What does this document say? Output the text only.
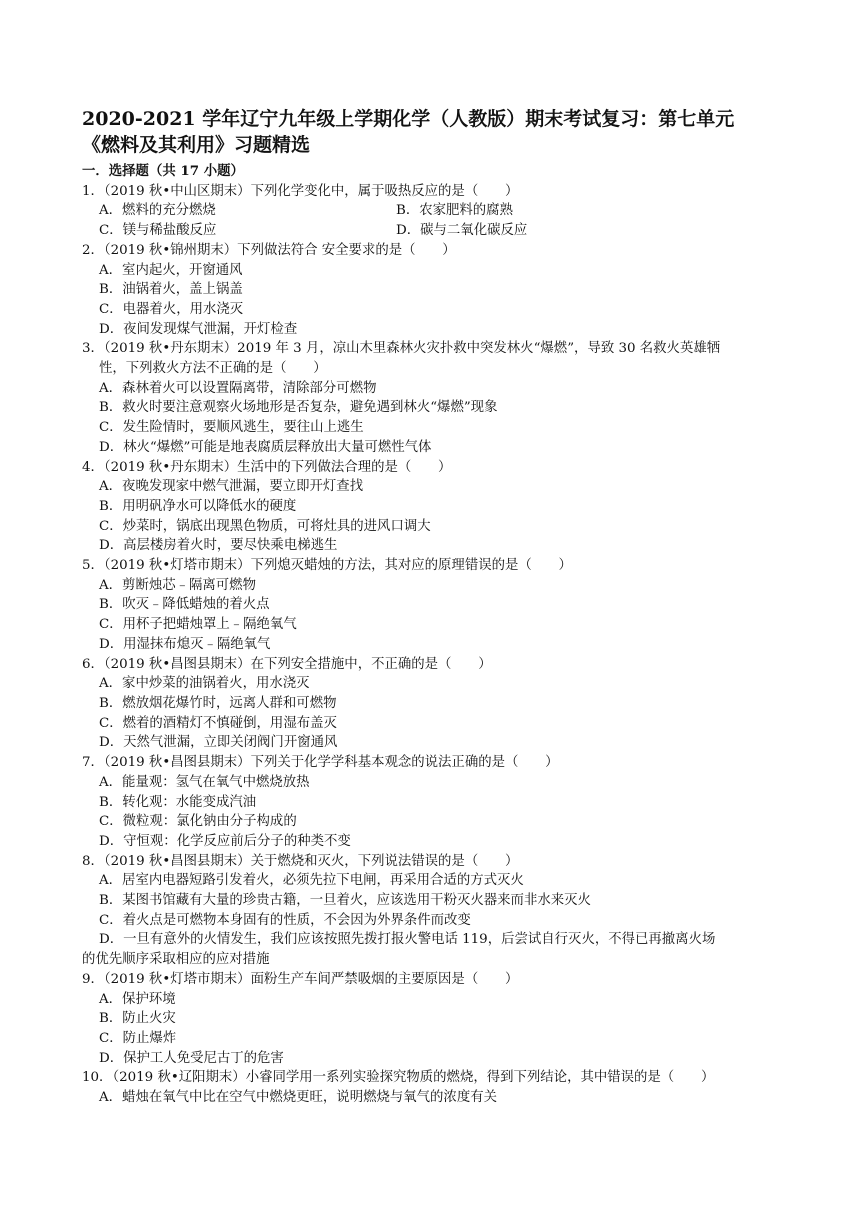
2020-2021 学年辽宁九年级上学期化学（人教版）期末考试复习：第七单元
《燃料及其利用》习题精选
一．选择题（共 17 小题）
1．（2019 秋•中山区期末）下列化学变化中，属于吸热反应的是（　　）
A．燃料的充分燃烧	B．农家肥料的腐熟
C．镁与稀盐酸反应	D．碳与二氧化碳反应
2．（2019 秋•锦州期末）下列做法符合 安全要求的是（　　）
A．室内起火，开窗通风
B．油锅着火，盖上锅盖
C．电器着火，用水浇灭
D．夜间发现煤气泄漏，开灯检查
3．（2019 秋•丹东期末）2019 年 3 月，凉山木里森林火灾扑救中突发林火“爆燃”，导致 30 名救火英雄牺
性，下列救火方法不正确的是（　　）
A．森林着火可以设置隔离带，清除部分可燃物
B．救火时要注意观察火场地形是否复杂，避免遇到林火“爆燃”现象
C．发生险情时，要顺风逃生，要往山上逃生
D．林火“爆燃”可能是地表腐质层释放出大量可燃性气体
4．（2019 秋•丹东期末）生活中的下列做法合理的是（　　）
A．夜晚发现家中燃气泄漏，要立即开灯查找
B．用明矾净水可以降低水的硬度
C．炒菜时，锅底出现黑色物质，可将灶具的进风口调大
D．高层楼房着火时，要尽快乘电梯逃生
5．（2019 秋•灯塔市期末）下列熄灭蜡烛的方法，其对应的原理错误的是（　　）
A．剪断烛芯﹣隔离可燃物
B．吹灭﹣降低蜡烛的着火点
C．用杯子把蜡烛罩上﹣隔绝氧气
D．用湿抹布熄灭﹣隔绝氧气
6．（2019 秋•昌图县期末）在下列安全措施中，不正确的是（　　）
A．家中炒菜的油锅着火，用水浇灭
B．燃放烟花爆竹时，远离人群和可燃物
C．燃着的酒精灯不慎碰倒，用湿布盖灭
D．天然气泄漏，立即关闭阀门开窗通风
7．（2019 秋•昌图县期末）下列关于化学学科基本观念的说法正确的是（　　）
A．能量观：氢气在氧气中燃烧放热
B．转化观：水能变成汽油
C．微粒观：氯化钠由分子构成的
D．守恒观：化学反应前后分子的种类不变
8．（2019 秋•昌图县期末）关于燃烧和灭火，下列说法错误的是（　　）
A．居室内电器短路引发着火，必须先拉下电闸，再采用合适的方式灭火
B．某图书馆藏有大量的珍贵古籍，一旦着火，应该选用干粉灭火器来而非水来灭火
C．着火点是可燃物本身固有的性质，不会因为外界条件而改变
D．一旦有意外的火情发生，我们应该按照先拨打报火警电话 119，后尝试自行灭火，不得已再撤离火场
的优先顺序采取相应的应对措施
9．（2019 秋•灯塔市期末）面粉生产车间严禁吸烟的主要原因是（　　）
A．保护环境
B．防止火灾
C．防止爆炸
D．保护工人免受尼古丁的危害
10．（2019 秋•辽阳期末）小睿同学用一系列实验探究物质的燃烧，得到下列结论，其中错误的是（　　）
A．蜡烛在氧气中比在空气中燃烧更旺，说明燃烧与氧气的浓度有关
